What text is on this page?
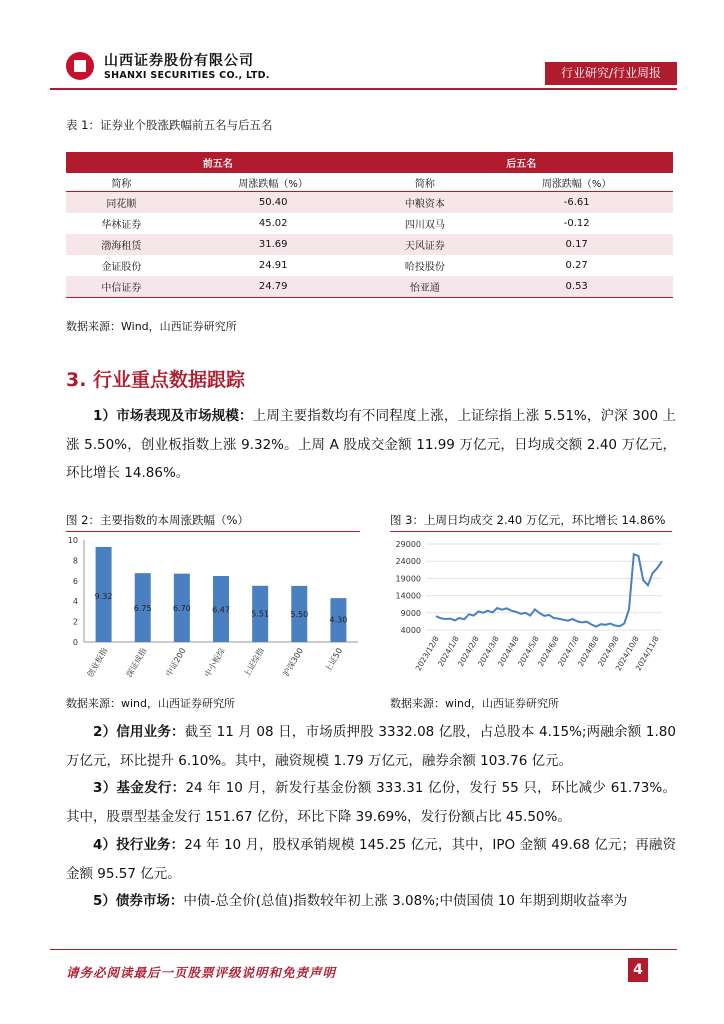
山西证券股份有限公司
SHANXI SECURITIES CO., LTD.	行业研究/行业周报
表 1：证券业个股涨跌幅前五名与后五名
前五名		后五名	
简称	周涨跌幅（%）	简称	周涨跌幅（%）
同花顺	50.40	中粮资本	-6.61
华林证券	45.02	四川双马	-0.12
渤海租赁	31.69	天风证券	0.17
金证股份	24.91	哈投股份	0.27
中信证券	24.79	怡亚通	0.53
数据来源：Wind，山西证券研究所
3. 行业重点数据跟踪
1）市场表现及市场规模：上周主要指数均有不同程度上涨，上证综指上涨 5.51%，沪深 300 上涨 5.50%，创业板指数上涨 9.32%。上周 A 股成交金额 11.99 万亿元，日均成交额 2.40 万亿元，环比增长 14.86%。
图 2：主要指数的本周涨跌幅（%）
0
2
4
6
8
10
9.32
创业板指
6.75
深证成指
6.70
中证200
6.47
中小板综
5.51
上证综指
5.50
沪深300
4.30
上证50
图 3：上周日均成交 2.40 万亿元，环比增长 14.86%
4000
9000
14000
19000
24000
29000
2023/12/8
2024/1/8
2024/2/8
2024/3/8
2024/4/8
2024/5/8
2024/6/8
2024/7/8
2024/8/8
2024/9/8
2024/10/8
2024/11/8
数据来源：wind，山西证券研究所	数据来源：wind，山西证券研究所
2）信用业务：截至 11 月 08 日，市场质押股 3332.08 亿股，占总股本 4.15%;两融余额 1.80 万亿元，环比提升 6.10%。其中，融资规模 1.79 万亿元，融券余额 103.76 亿元。
3）基金发行：24 年 10 月，新发行基金份额 333.31 亿份，发行 55 只，环比减少 61.73%。其中，股票型基金发行 151.67 亿份，环比下降 39.69%，发行份额占比 45.50%。
4）投行业务：24 年 10 月，股权承销规模 145.25 亿元，其中，IPO 金额 49.68 亿元；再融资金额 95.57 亿元。
5）债券市场：中债-总全价(总值)指数较年初上涨 3.08%;中债国债 10 年期到期收益率为
请务必阅读最后一页股票评级说明和免责声明	4
